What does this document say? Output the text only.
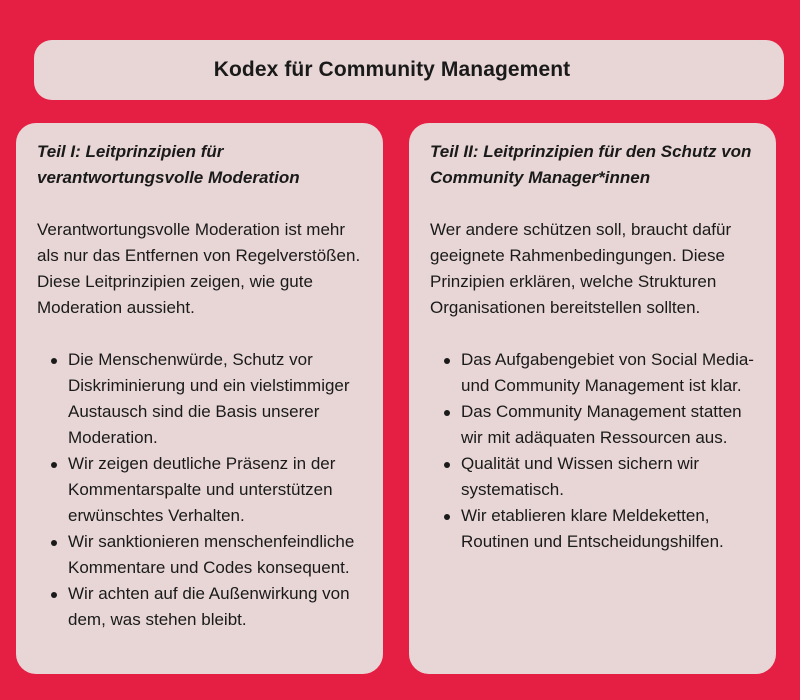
Kodex für Community Management
Teil I: Leitprinzipien für verantwortungsvolle Moderation

Verantwortungsvolle Moderation ist mehr als nur das Entfernen von Regelverstößen. Diese Leitprinzipien zeigen, wie gute Moderation aussieht.

Die Menschenwürde, Schutz vor Diskriminierung und ein vielstimmiger Austausch sind die Basis unserer Moderation.
Wir zeigen deutliche Präsenz in der Kommentarspalte und unterstützen erwünschtes Verhalten.
Wir sanktionieren menschenfeindliche Kommentare und Codes konsequent.
Wir achten auf die Außenwirkung von dem, was stehen bleibt.
Teil II: Leitprinzipien für den Schutz von Community Manager*innen

Wer andere schützen soll, braucht dafür geeignete Rahmenbedingungen. Diese Prinzipien erklären, welche Strukturen Organisationen bereitstellen sollten.

Das Aufgabengebiet von Social Media- und Community Management ist klar.
Das Community Management statten wir mit adäquaten Ressourcen aus.
Qualität und Wissen sichern wir systematisch.
Wir etablieren klare Meldeketten, Routinen und Entscheidungshilfen.
